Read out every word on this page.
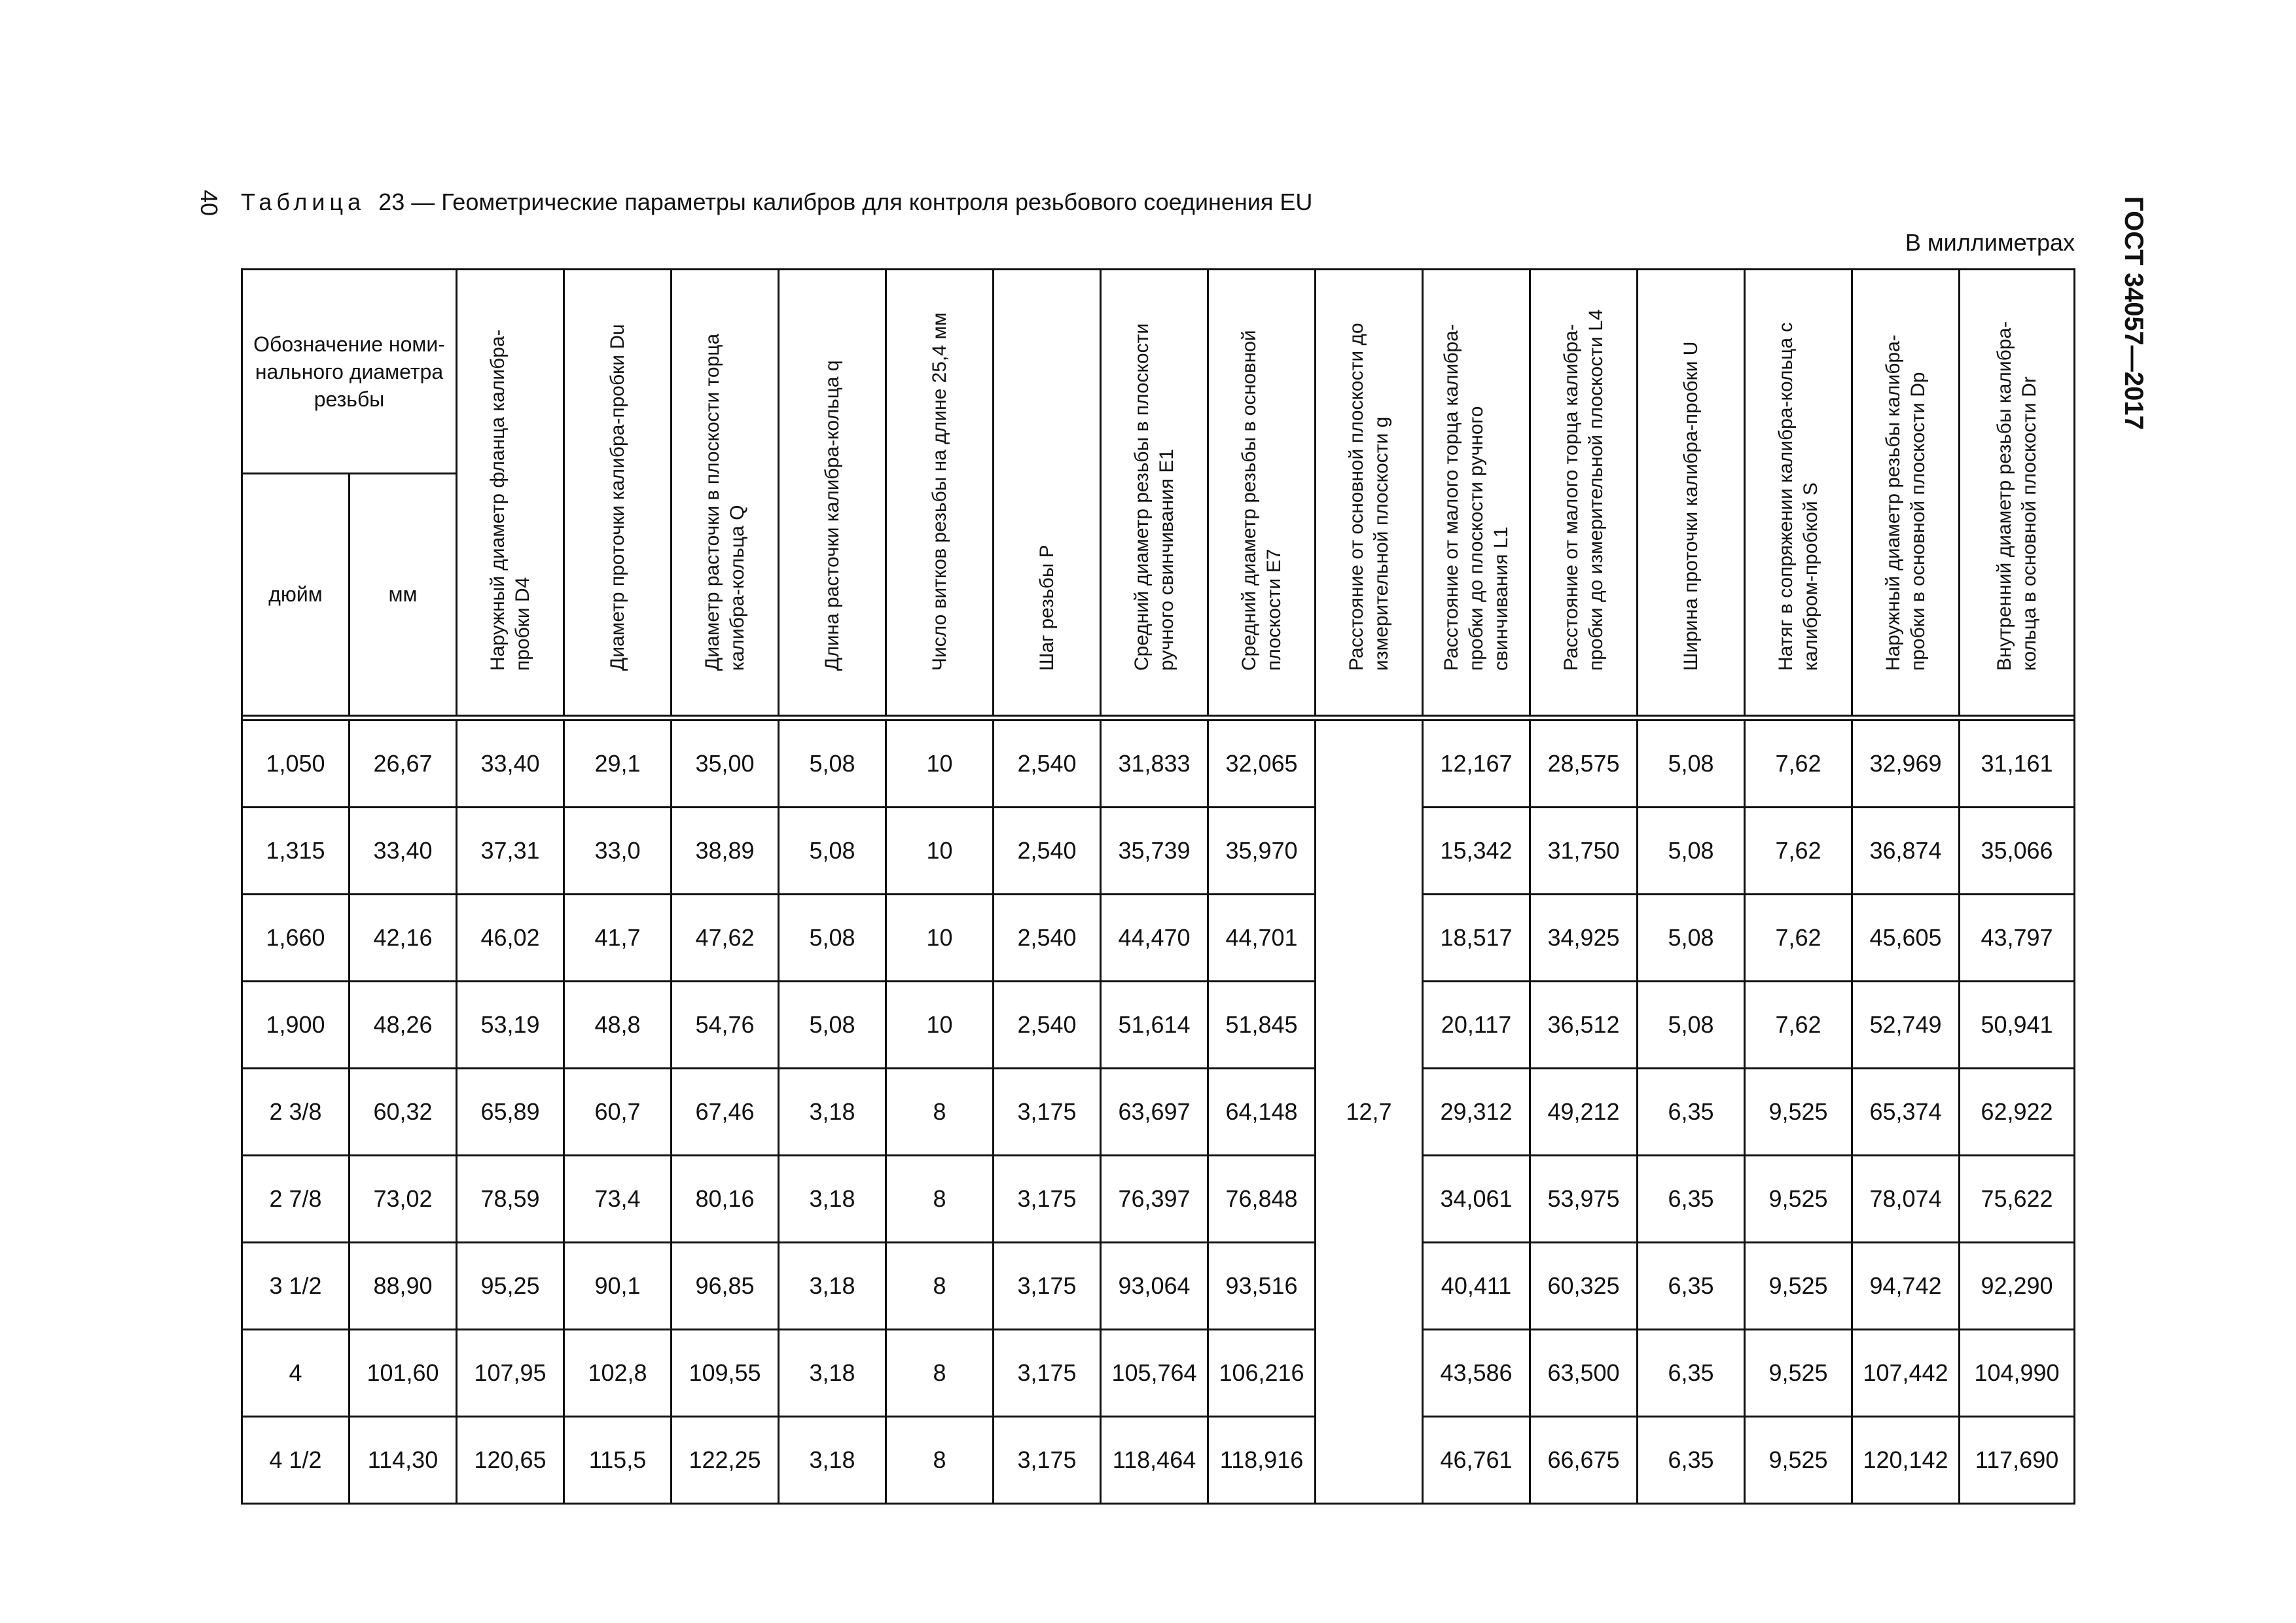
40 Таблица 23 — Геометрические параметры калибров для контроля резьбового соединения EU
В миллиметрах	ГОСТ 34057—2017
Обозначение номи-нального диаметра резьбы		Наружный диаметр фланца калибра-пробки D4	Диаметр проточки калибра-пробки Du	Диаметр расточки в плоскости торца калибра-кольца Q	Длина расточки калибра-кольца q	Число витков резьбы на длине 25,4 мм	Шаг резьбы P	Средний диаметр резьбы в плоскости ручного свинчивания E1	Средний диаметр резьбы в основной плоскости E7	Расстояние от основной плоскости до измерительной плоскости g	Расстояние от малого торца калибра-пробки до плоскости ручного свинчивания L1	Расстояние от малого торца калибра-пробки до измерительной плоскости L4	Ширина проточки калибра-пробки U	Натяг в сопряжении калибра-кольца с калибром-пробкой S	Наружный диаметр резьбы калибра-пробки в основной плоскости Dp	Внутренний диаметр резьбы калибра-кольца в основной плоскости Dr

дюйм	мм															

1,050	26,67	33,40	29,1	35,00	5,08	10	2,540	31,833	32,065	12,7	12,167	28,575	5,08	7,62	32,969	31,161
1,315	33,40	37,31	33,0	38,89	5,08	10	2,540	35,739	35,970		15,342	31,750	5,08	7,62	36,874	35,066
1,660	42,16	46,02	41,7	47,62	5,08	10	2,540	44,470	44,701		18,517	34,925	5,08	7,62	45,605	43,797
1,900	48,26	53,19	48,8	54,76	5,08	10	2,540	51,614	51,845		20,117	36,512	5,08	7,62	52,749	50,941
2 3/8	60,32	65,89	60,7	67,46	3,18	8	3,175	63,697	64,148		29,312	49,212	6,35	9,525	65,374	62,922
2 7/8	73,02	78,59	73,4	80,16	3,18	8	3,175	76,397	76,848		34,061	53,975	6,35	9,525	78,074	75,622
3 1/2	88,90	95,25	90,1	96,85	3,18	8	3,175	93,064	93,516		40,411	60,325	6,35	9,525	94,742	92,290
4	101,60	107,95	102,8	109,55	3,18	8	3,175	105,764	106,216		43,586	63,500	6,35	9,525	107,442	104,990
4 1/2	114,30	120,65	115,5	122,25	3,18	8	3,175	118,464	118,916		46,761	66,675	6,35	9,525	120,142	117,690
